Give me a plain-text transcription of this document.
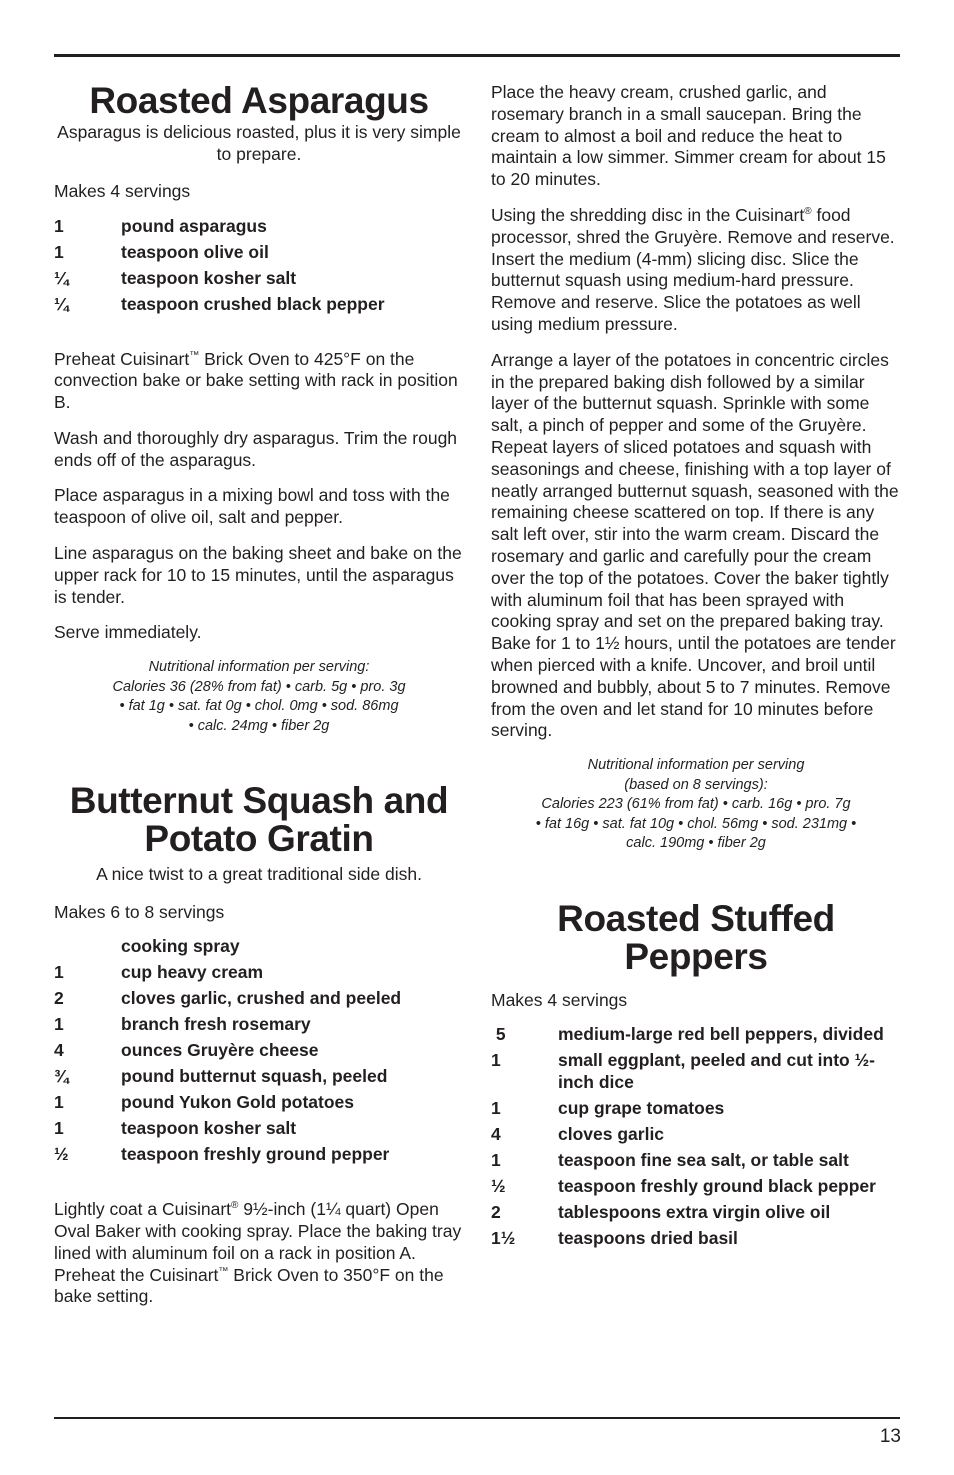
Roasted Asparagus

Asparagus is delicious roasted, plus it is very simple to prepare.

Makes 4 servings

1	pound asparagus
1	teaspoon olive oil
¼	teaspoon kosher salt
¼	teaspoon crushed black pepper

Preheat Cuisinart™ Brick Oven to 425°F on the convection bake or bake setting with rack in position B.

Wash and thoroughly dry asparagus. Trim the rough ends off of the asparagus.

Place asparagus in a mixing bowl and toss with the teaspoon of olive oil, salt and pepper.

Line asparagus on the baking sheet and bake on the upper rack for 10 to 15 minutes, until the asparagus is tender.

Serve immediately.

Nutritional information per serving:
Calories 36 (28% from fat) • carb. 5g • pro. 3g
• fat 1g • sat. fat 0g • chol. 0mg • sod. 86mg
• calc. 24mg • fiber 2g
Butternut Squash and
Potato Gratin

A nice twist to a great traditional side dish.

Makes 6 to 8 servings

cooking spray
1	cup heavy cream
2	cloves garlic, crushed and peeled
1	branch fresh rosemary
4	ounces Gruyère cheese
¾	pound butternut squash, peeled
1	pound Yukon Gold potatoes
1	teaspoon kosher salt
½	teaspoon freshly ground pepper

Lightly coat a Cuisinart® 9½-inch (1¼ quart) Open Oval Baker with cooking spray. Place the baking tray lined with aluminum foil on a rack in position A. Preheat the Cuisinart™ Brick Oven to 350°F on the bake setting.

Place the heavy cream, crushed garlic, and rosemary branch in a small saucepan. Bring the cream to almost a boil and reduce the heat to maintain a low simmer. Simmer cream for about 15 to 20 minutes.

Using the shredding disc in the Cuisinart® food processor, shred the Gruyère. Remove and reserve. Insert the medium (4-mm) slicing disc. Slice the butternut squash using medium-hard pressure. Remove and reserve. Slice the potatoes as well using medium pressure.

Arrange a layer of the potatoes in concentric circles in the prepared baking dish followed by a similar layer of the butternut squash. Sprinkle with some salt, a pinch of pepper and some of the Gruyère. Repeat layers of sliced potatoes and squash with seasonings and cheese, finishing with a top layer of neatly arranged butternut squash, seasoned with the remaining cheese scattered on top. If there is any salt left over, stir into the warm cream. Discard the rosemary and garlic and carefully pour the cream over the top of the potatoes. Cover the baker tightly with aluminum foil that has been sprayed with cooking spray and set on the prepared baking tray. Bake for 1 to 1½ hours, until the potatoes are tender when pierced with a knife. Uncover, and broil until browned and bubbly, about 5 to 7 minutes. Remove from the oven and let stand for 10 minutes before serving.

Nutritional information per serving
(based on 8 servings):
Calories 223 (61% from fat) • carb. 16g • pro. 7g
• fat 16g • sat. fat 10g • chol. 56mg • sod. 231mg •
calc. 190mg • fiber 2g
Roasted Stuffed
Peppers

Makes 4 servings

5	medium-large red bell peppers, divided
1	small eggplant, peeled and cut into ½-inch dice
1	cup grape tomatoes
4	cloves garlic
1	teaspoon fine sea salt, or table salt
½	teaspoon freshly ground black pepper
2	tablespoons extra virgin olive oil
1½	teaspoons dried basil
13
